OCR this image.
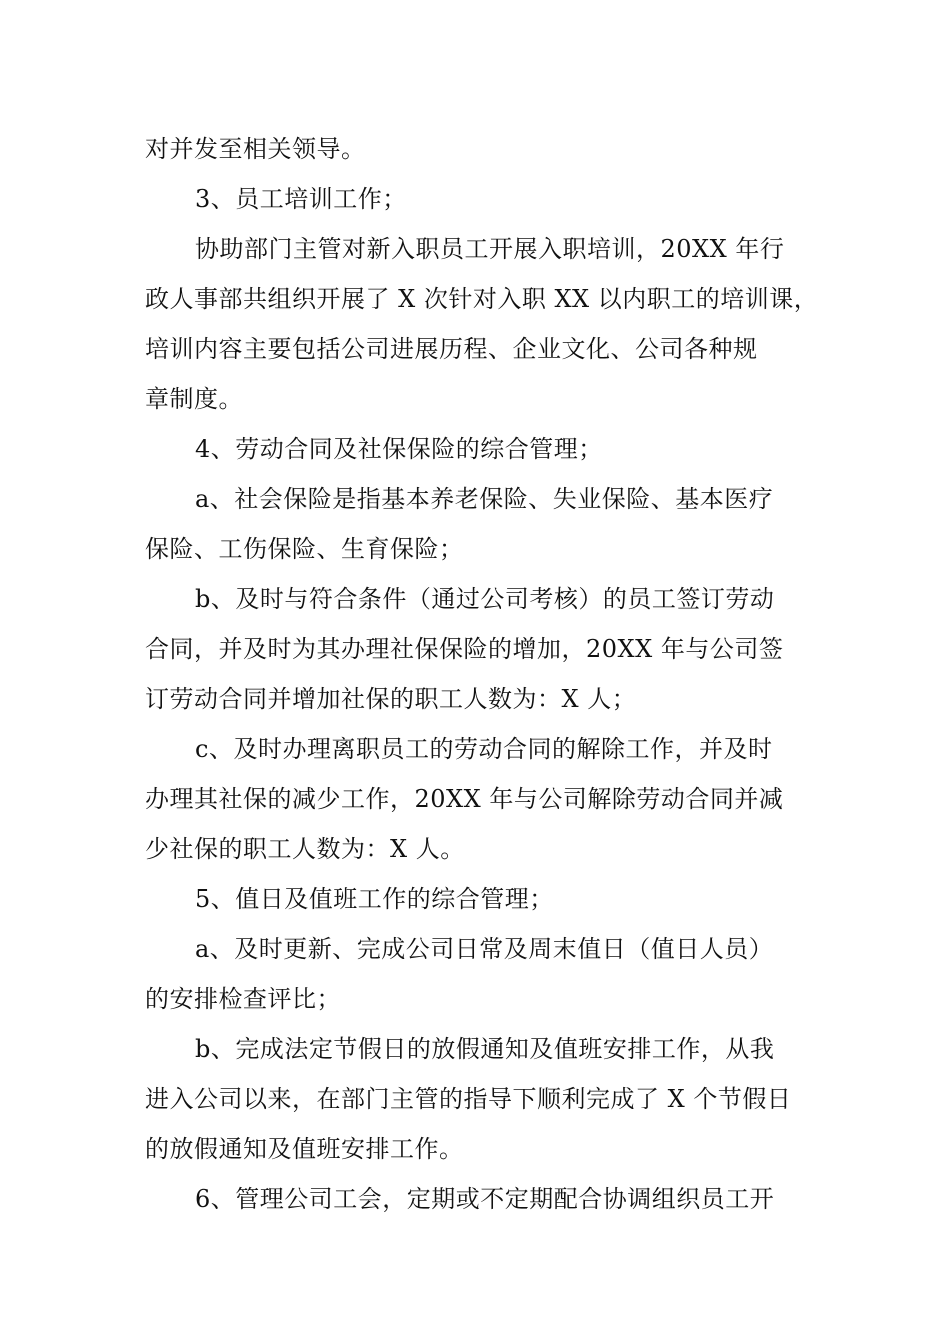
对并发至相关领导。
3、员工培训工作；
协助部门主管对新入职员工开展入职培训，20XX 年行
政人事部共组织开展了 X 次针对入职 XX 以内职工的培训课，
培训内容主要包括公司进展历程、企业文化、公司各种规
章制度。
4、劳动合同及社保保险的综合管理；
a、社会保险是指基本养老保险、失业保险、基本医疗
保险、工伤保险、生育保险；
b、及时与符合条件（通过公司考核）的员工签订劳动
合同，并及时为其办理社保保险的增加，20XX 年与公司签
订劳动合同并增加社保的职工人数为：X 人；
c、及时办理离职员工的劳动合同的解除工作，并及时
办理其社保的减少工作，20XX 年与公司解除劳动合同并减
少社保的职工人数为：X 人。
5、值日及值班工作的综合管理；
a、及时更新、完成公司日常及周末值日（值日人员）
的安排检查评比；
b、完成法定节假日的放假通知及值班安排工作，从我
进入公司以来，在部门主管的指导下顺利完成了 X 个节假日
的放假通知及值班安排工作。
6、管理公司工会，定期或不定期配合协调组织员工开
